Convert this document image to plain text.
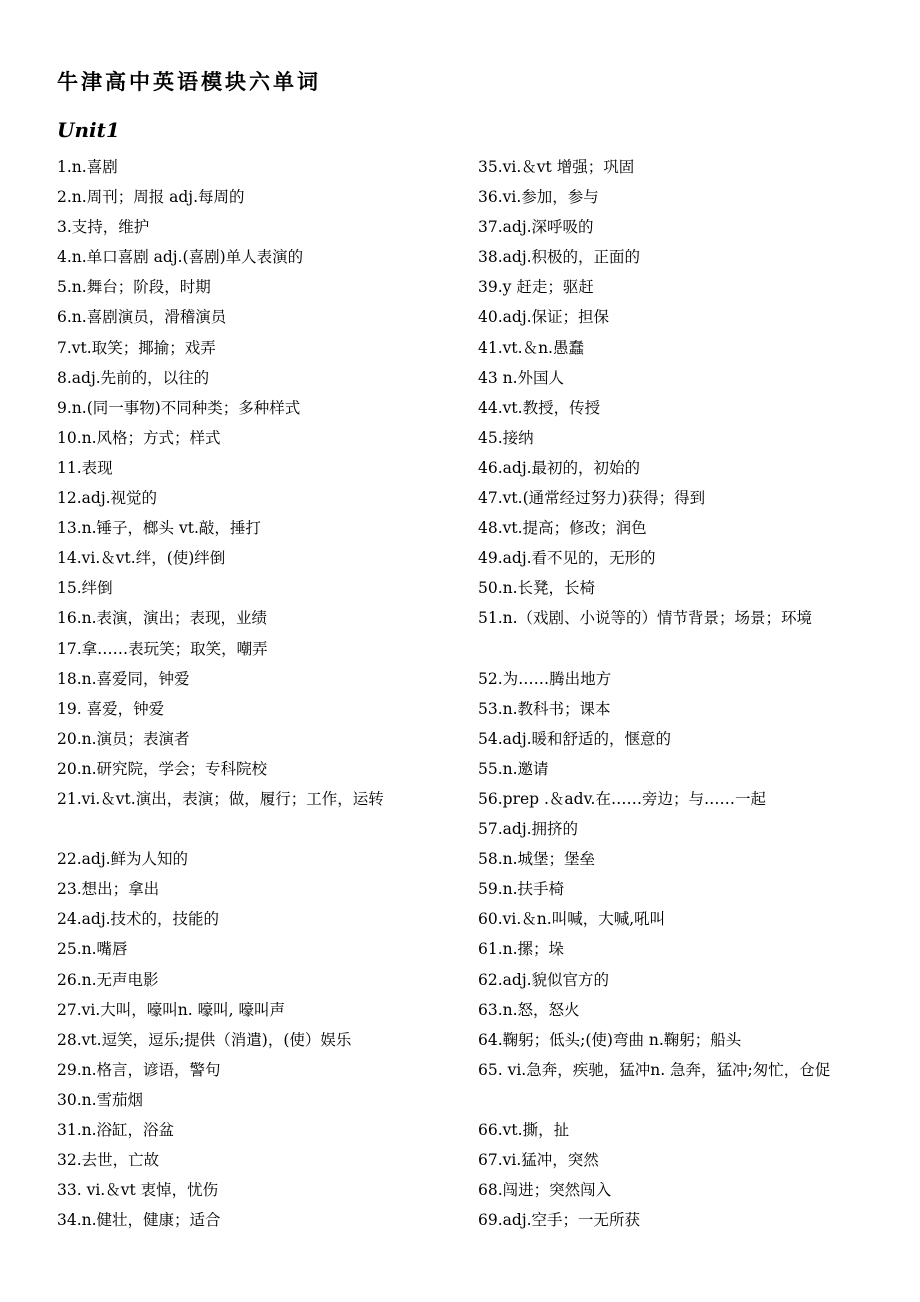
牛津高中英语模块六单词
Unit1
1.n.喜剧
2.n.周刊；周报 adj.每周的
3.支持，维护
4.n.单口喜剧 adj.(喜剧)单人表演的
5.n.舞台；阶段，时期
6.n.喜剧演员，滑稽演员
7.vt.取笑；揶揄；戏弄
8.adj.先前的，以往的
9.n.(同一事物)不同种类；多种样式
10.n.风格；方式；样式
11.表现
12.adj.视觉的
13.n.锤子，榔头 vt.敲，捶打
14.vi.＆vt.绊，(使)绊倒
15.绊倒
16.n.表演，演出；表现，业绩
17.拿……表玩笑；取笑，嘲弄
18.n.喜爱同，钟爱
19. 喜爱，钟爱
20.n.演员；表演者
20.n.研究院，学会；专科院校
21.vi.＆vt.演出，表演；做，履行；工作，运转
22.adj.鲜为人知的
23.想出；拿出
24.adj.技术的，技能的
25.n.嘴唇
26.n.无声电影
27.vi.大叫，嚎叫n. 嚎叫, 嚎叫声
28.vt.逗笑，逗乐;提供（消遣)，(使）娱乐
29.n.格言，谚语，警句
30.n.雪茄烟
31.n.浴缸，浴盆
32.去世，亡故
33. vi.＆vt 衷悼，忧伤
34.n.健壮，健康；适合
35.vi.＆vt 增强；巩固
36.vi.参加，参与
37.adj.深呼吸的
38.adj.积极的，正面的
39.y 赶走；驱赶
40.adj.保证；担保
41.vt.＆n.愚蠢
43 n.外国人
44.vt.教授，传授
45.接纳
46.adj.最初的，初始的
47.vt.(通常经过努力)获得；得到
48.vt.提高；修改；润色
49.adj.看不见的，无形的
50.n.长凳，长椅
51.n.（戏剧、小说等的）情节背景；场景；环境
52.为……腾出地方
53.n.教科书；课本
54.adj.暖和舒适的，惬意的
55.n.邀请
56.prep .＆adv.在……旁边；与……一起
57.adj.拥挤的
58.n.城堡；堡垒
59.n.扶手椅
60.vi.＆n.叫喊，大喊,吼叫
61.n.摞；垛
62.adj.貌似官方的
63.n.怒，怒火
64.鞠躬；低头;(使)弯曲 n.鞠躬；船头
65. vi.急奔，疾驰，猛冲n. 急奔，猛冲;匆忙，仓促
66.vt.撕，扯
67.vi.猛冲，突然
68.闯进；突然闯入
69.adj.空手；一无所获
